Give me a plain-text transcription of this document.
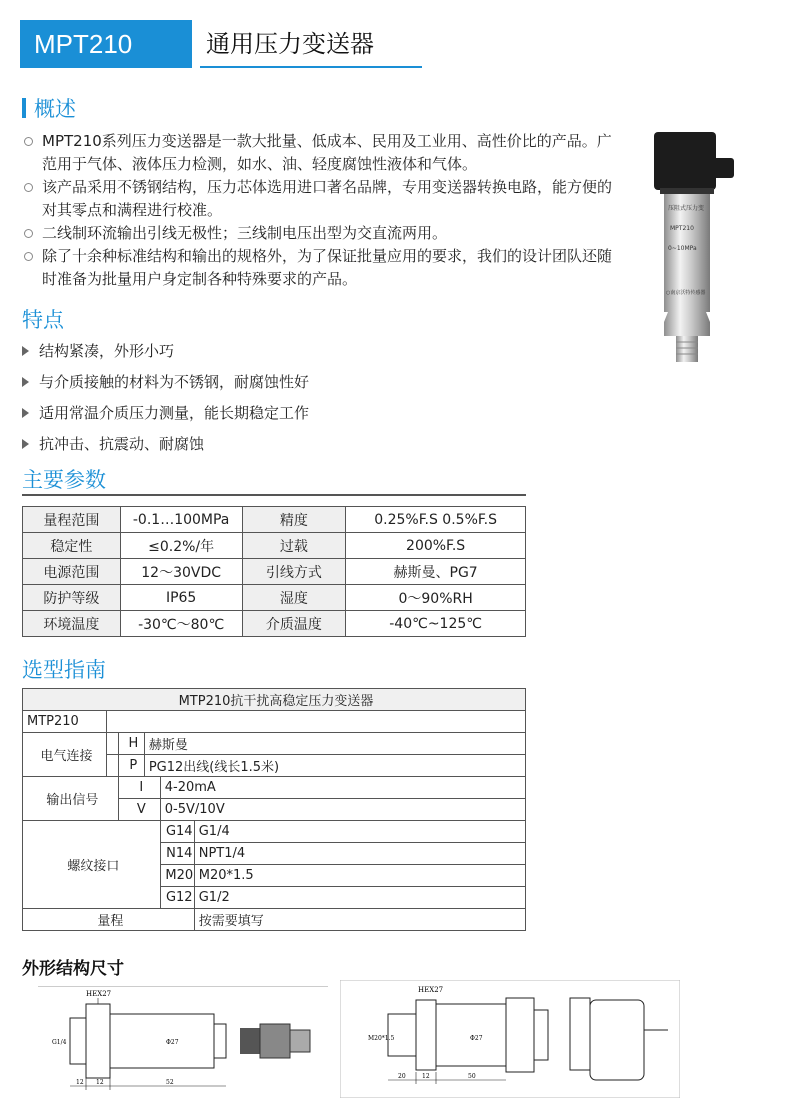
MPT210	通用压力变送器
概述
MPT210系列压力变送器是一款大批量、低成本、民用及工业用、高性价比的产品。广范用于气体、液体压力检测，如水、油、轻度腐蚀性液体和气体。
该产品采用不锈钢结构，压力芯体选用进口著名品牌，专用变送器转换电路，能方便的对其零点和满程进行校准。
二线制环流输出引线无极性；三线制电压出型为交直流两用。
除了十余种标准结构和输出的规格外，为了保证批量应用的要求，我们的设计团队还随时准备为批量用户身定制各种特殊要求的产品。
压阻式压力变
MPT210
0~10MPa
○南京沃特传感器
特点
结构紧凑，外形小巧
与介质接触的材料为不锈钢，耐腐蚀性好
适用常温介质压力测量，能长期稳定工作
抗冲击、抗震动、耐腐蚀
主要参数
量程范围	-0.1…100MPa	精度	0.25%F.S 0.5%F.S
稳定性	≤0.2%/年	过载	200%F.S
电源范围	12～30VDC	引线方式	赫斯曼、PG7
防护等级	IP65	湿度	0～90%RH
环境温度	-30℃～80℃	介质温度	-40℃~125℃
选型指南
MTP210抗干扰高稳定压力变送器					
MTP210					
电气连接		H	赫斯曼		
		P	PG12出线(线长1.5米)		
输出信号		I		4-20mA	
		V		0-5V/10V	
螺纹接口				G14	G1/4
				N14	NPT1/4
				M20	M20*1.5
				G12	G1/2
量程					按需要填写
外形结构尺寸
HEX27
G1/4	Φ27
12 12	52
HEX27
M20*1.5	Φ27
20	12	50
